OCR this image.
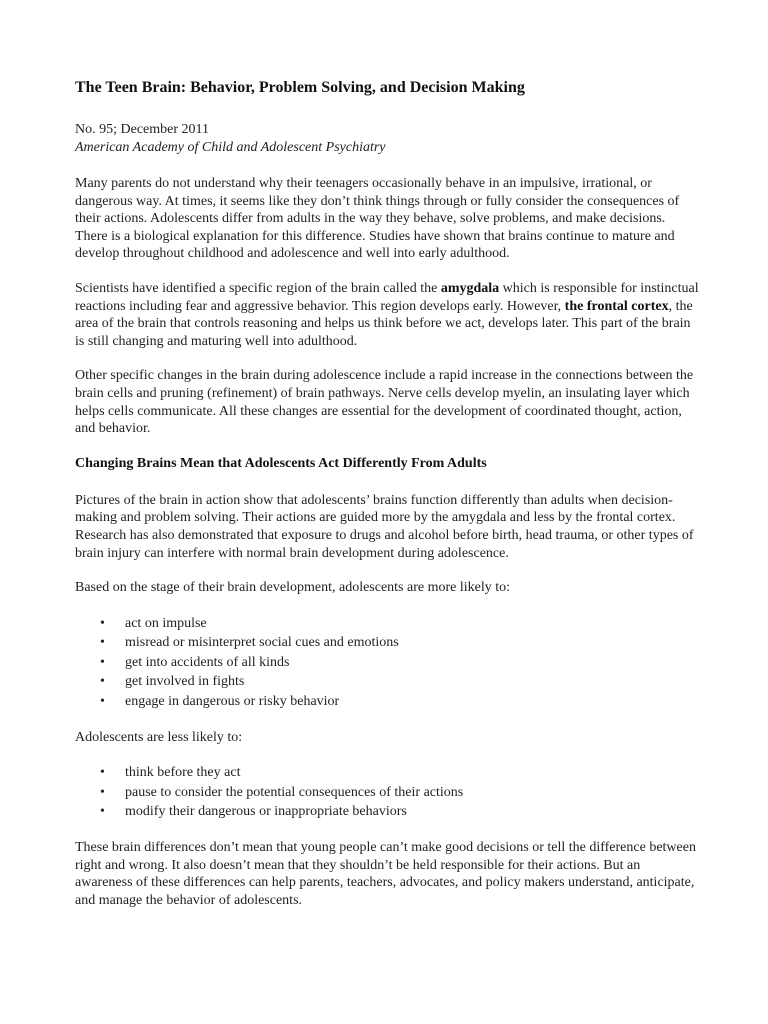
The Teen Brain: Behavior, Problem Solving, and Decision Making
No. 95; December 2011
American Academy of Child and Adolescent Psychiatry

Many parents do not understand why their teenagers occasionally behave in an impulsive, irrational, or dangerous way. At times, it seems like they don’t think things through or fully consider the consequences of their actions. Adolescents differ from adults in the way they behave, solve problems, and make decisions. There is a biological explanation for this difference. Studies have shown that brains continue to mature and develop throughout childhood and adolescence and well into early adulthood.

Scientists have identified a specific region of the brain called the amygdala which is responsible for instinctual reactions including fear and aggressive behavior. This region develops early. However, the frontal cortex, the area of the brain that controls reasoning and helps us think before we act, develops later. This part of the brain is still changing and maturing well into adulthood.

Other specific changes in the brain during adolescence include a rapid increase in the connections between the brain cells and pruning (refinement) of brain pathways. Nerve cells develop myelin, an insulating layer which helps cells communicate. All these changes are essential for the development of coordinated thought, action, and behavior.

Changing Brains Mean that Adolescents Act Differently From Adults

Pictures of the brain in action show that adolescents’ brains function differently than adults when decision-making and problem solving. Their actions are guided more by the amygdala and less by the frontal cortex. Research has also demonstrated that exposure to drugs and alcohol before birth, head trauma, or other types of brain injury can interfere with normal brain development during adolescence.

Based on the stage of their brain development, adolescents are more likely to:

• act on impulse
• misread or misinterpret social cues and emotions
• get into accidents of all kinds
• get involved in fights
• engage in dangerous or risky behavior

Adolescents are less likely to:

• think before they act
• pause to consider the potential consequences of their actions
• modify their dangerous or inappropriate behaviors

These brain differences don’t mean that young people can’t make good decisions or tell the difference between right and wrong. It also doesn’t mean that they shouldn’t be held responsible for their actions. But an awareness of these differences can help parents, teachers, advocates, and policy makers understand, anticipate, and manage the behavior of adolescents.
